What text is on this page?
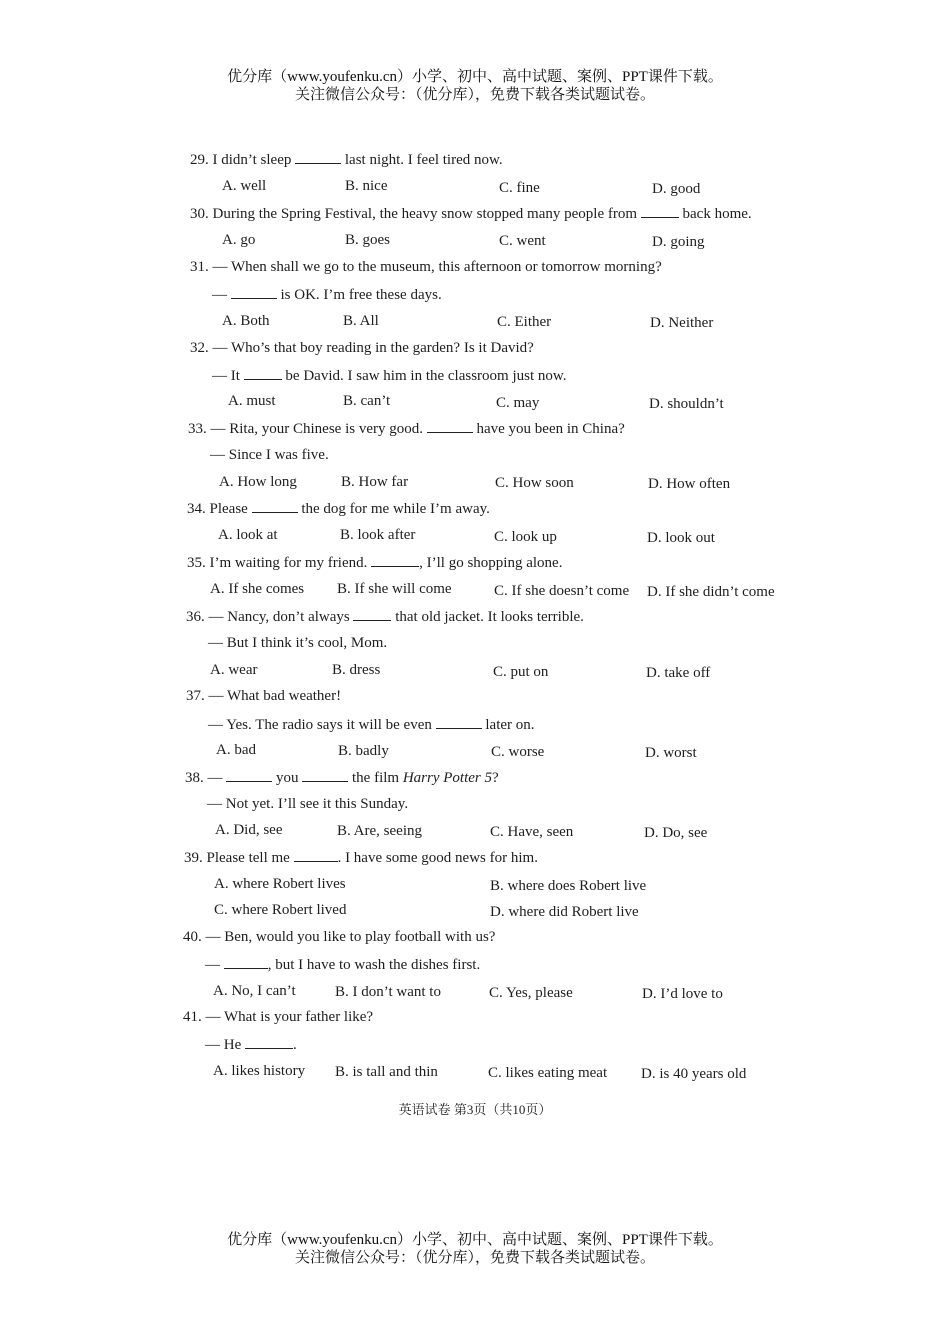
优分库（www.youfenku.cn）小学、初中、高中试题、案例、PPT课件下载。
关注微信公众号：（优分库），免费下载各类试题试卷。
29. I didn’t sleep	last night. I feel tired now.
A. well	B. nice	C. fine	D. good
30. During the Spring Festival, the heavy snow stopped many people from	back home.
A. go	B. goes	C. went	D. going
31. — When shall we go to the museum, this afternoon or tomorrow morning?
—	is OK. I’m free these days.
A. Both	B. All	C. Either	D. Neither
32. — Who’s that boy reading in the garden? Is it David?
— It	be David. I saw him in the classroom just now.
A. must	B. can’t	C. may	D. shouldn’t
33. — Rita, your Chinese is very good.	have you been in China?
— Since I was five.
A. How long	B. How far	C. How soon	D. How often
34. Please	the dog for me while I’m away.
A. look at	B. look after	C. look up	D. look out
35. I’m waiting for my friend.	, I’ll go shopping alone.
A. If she comes B. If she will come	C. If she doesn’t come D. If she didn’t come
36. — Nancy, don’t always	that old jacket. It looks terrible.
— But I think it’s cool, Mom.
A. wear	B. dress	C. put on	D. take off
37. — What bad weather!
— Yes. The radio says it will be even	later on.
A. bad	B. badly	C. worse	D. worst
38. —	you	the film Harry Potter 5?
— Not yet. I’ll see it this Sunday.
A. Did, see	B. Are, seeing	C. Have, seen	D. Do, see
39. Please tell me	. I have some good news for him.
A. where Robert lives	B. where does Robert live
C. where Robert lived	D. where did Robert live
40. — Ben, would you like to play football with us?
—	, but I have to wash the dishes first.
A. No, I can’t	B. I don’t want to	C. Yes, please	D. I’d love to
41. — What is your father like?
— He	.
A. likes history B. is tall and thin	C. likes eating meat D. is 40 years old
英语试卷 第3页（共10页）
优分库（www.youfenku.cn）小学、初中、高中试题、案例、PPT课件下载。
关注微信公众号：（优分库），免费下载各类试题试卷。
